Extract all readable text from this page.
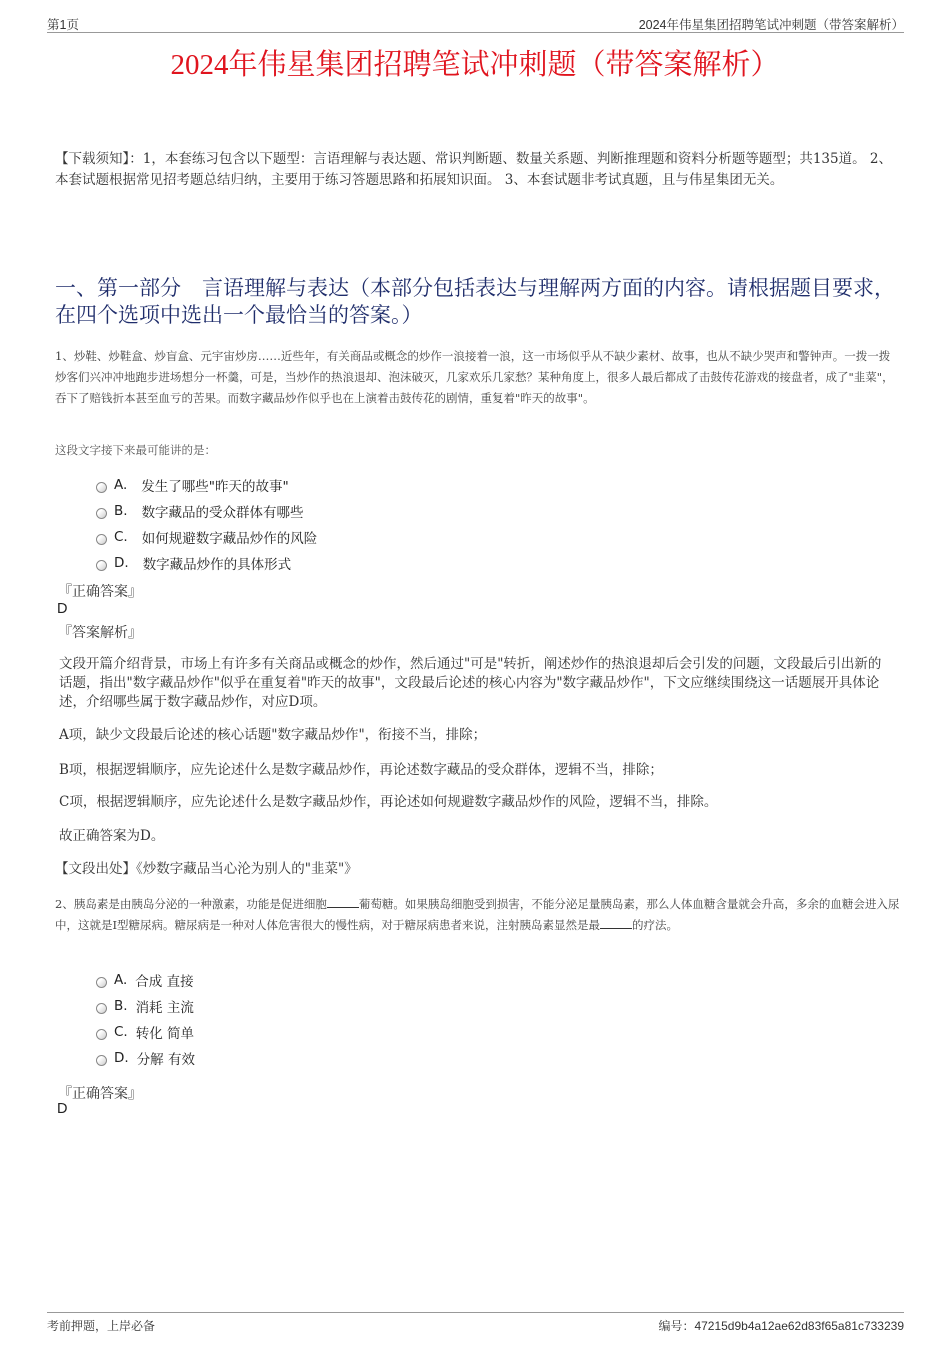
第1页	2024年伟星集团招聘笔试冲刺题（带答案解析）
2024年伟星集团招聘笔试冲刺题（带答案解析）
【下载须知】：1，本套练习包含以下题型：言语理解与表达题、常识判断题、数量关系题、判断推理题和资料分析题等题型；共135道。 2、本套试题根据常见招考题总结归纳，主要用于练习答题思路和拓展知识面。 3、本套试题非考试真题，且与伟星集团无关。
一、第一部分　言语理解与表达（本部分包括表达与理解两方面的内容。请根据题目要求，在四个选项中选出一个最恰当的答案。）
1、炒鞋、炒鞋盒、炒盲盒、元宇宙炒房……近些年，有关商品或概念的炒作一浪接着一浪，这一市场似乎从不缺少素材、故事，也从不缺少哭声和警钟声。一拨一拨炒客们兴冲冲地跑步进场想分一杯羹，可是，当炒作的热浪退却、泡沫破灭，几家欢乐几家愁？某种角度上，很多人最后都成了击鼓传花游戏的接盘者，成了"韭菜"，吞下了赔钱折本甚至血亏的苦果。而数字藏品炒作似乎也在上演着击鼓传花的剧情，重复着"昨天的故事"。
这段文字接下来最可能讲的是：
A. 发生了哪些"昨天的故事"
B. 数字藏品的受众群体有哪些
C. 如何规避数字藏品炒作的风险
D. 数字藏品炒作的具体形式
『正确答案』
D
『答案解析』
文段开篇介绍背景，市场上有许多有关商品或概念的炒作，然后通过"可是"转折，阐述炒作的热浪退却后会引发的问题，文段最后引出新的话题，指出"数字藏品炒作"似乎在重复着"昨天的故事"，文段最后论述的核心内容为"数字藏品炒作"，下文应继续围绕这一话题展开具体论述，介绍哪些属于数字藏品炒作，对应D项。
A项，缺少文段最后论述的核心话题"数字藏品炒作"，衔接不当，排除；
B项，根据逻辑顺序，应先论述什么是数字藏品炒作，再论述数字藏品的受众群体，逻辑不当，排除；
C项，根据逻辑顺序，应先论述什么是数字藏品炒作，再论述如何规避数字藏品炒作的风险，逻辑不当，排除。
故正确答案为D。
【文段出处】《炒数字藏品当心沦为别人的"韭菜"》
2、胰岛素是由胰岛分泌的一种激素，功能是促进细胞	葡萄糖。如果胰岛细胞受到损害，不能分泌足量胰岛素，那么人体血糖含量就会升高，多余的血糖会进入尿中，这就是I型糖尿病。糖尿病是一种对人体危害很大的慢性病，对于糖尿病患者来说，注射胰岛素显然是最	的疗法。
A. 合成 直接
B. 消耗 主流
C. 转化 简单
D. 分解 有效
『正确答案』
D
考前押题，上岸必备	编号：47215d9b4a12ae62d83f65a81c733239
